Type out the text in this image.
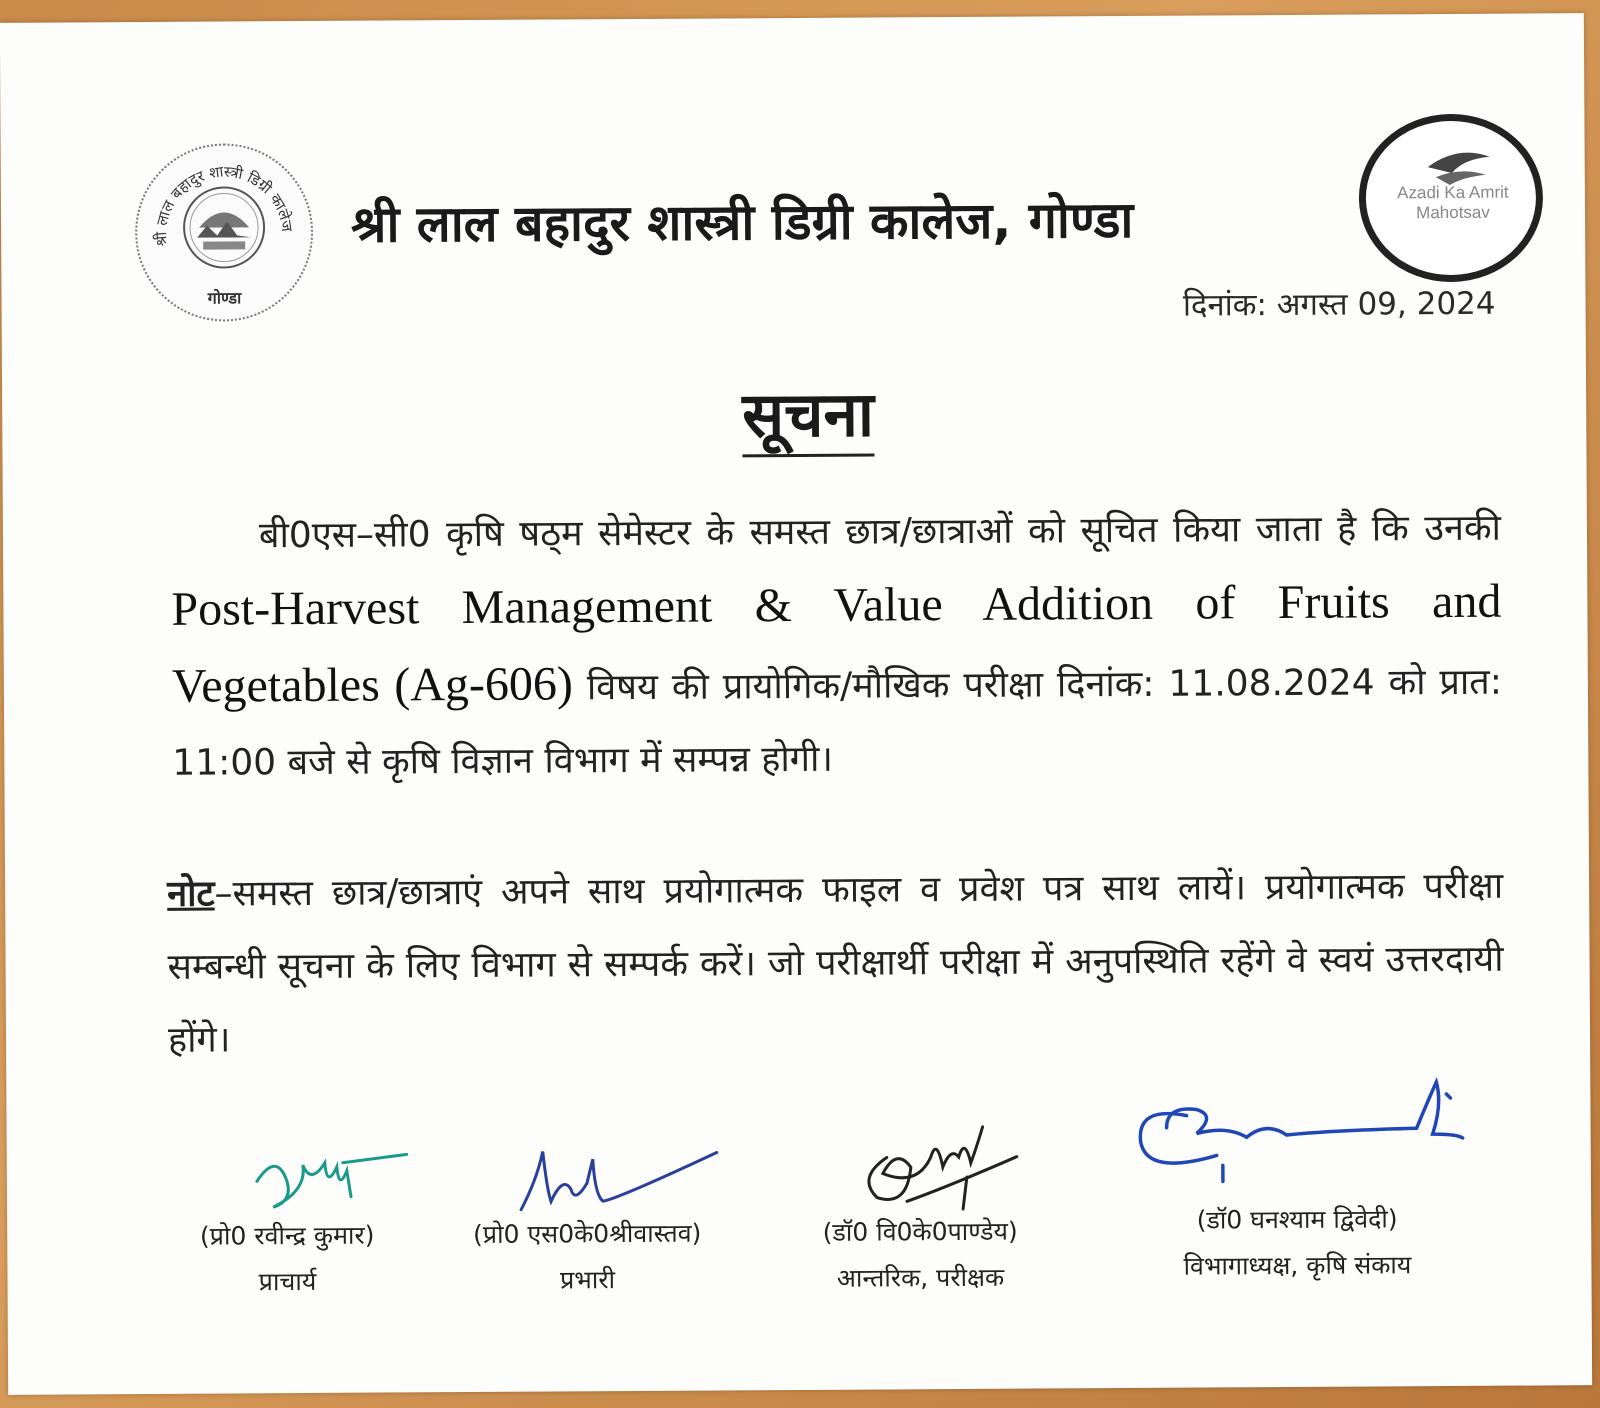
श्री लाल बहादुर शास्त्री डिग्री कालेज
गोण्डा
श्री लाल बहादुर शास्त्री डिग्री कालेज, गोण्डा	Azadi Ka Amrit Mahotsav
दिनांक: अगस्त 09, 2024
सूचना
बी0एस–सी0 कृषि षठ्म सेमेस्टर के समस्त छात्र/छात्राओं को सूचित किया जाता है कि उनकी Post-Harvest Management & Value Addition of Fruits and Vegetables (Ag-606) विषय की प्रायोगिक/मौखिक परीक्षा दिनांक: 11.08.2024 को प्रात: 11:00 बजे से कृषि विज्ञान विभाग में सम्पन्न होगी।
नोट–समस्त छात्र/छात्राएं अपने साथ प्रयोगात्मक फाइल व प्रवेश पत्र साथ लायें। प्रयोगात्मक परीक्षा सम्बन्धी सूचना के लिए विभाग से सम्पर्क करें। जो परीक्षार्थी परीक्षा में अनुपस्थिति रहेंगे वे स्वयं उत्तरदायी होंगे।
(प्रो0 रवीन्द्र कुमार)
प्राचार्य
(प्रो0 एस0के0श्रीवास्तव)
प्रभारी
(डॉ0 वि0के0पाण्डेय)
आन्तरिक, परीक्षक
(डॉ0 घनश्याम द्विवेदी)
विभागाध्यक्ष, कृषि संकाय
